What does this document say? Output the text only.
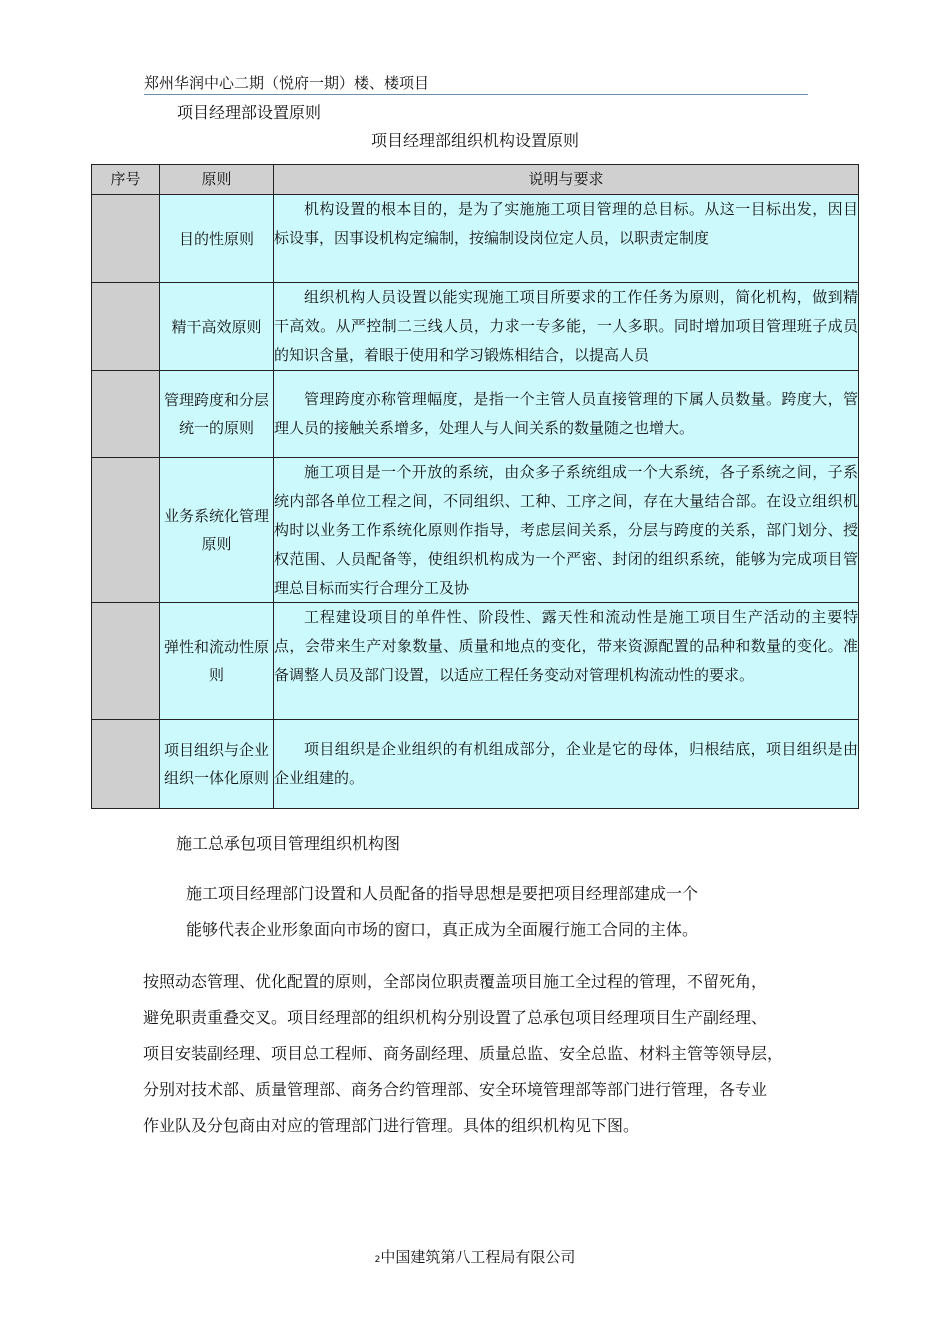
郑州华润中心二期（悦府一期）楼、楼项目
项目经理部设置原则
项目经理部组织机构设置原则
序号	原则	说明与要求
	目的性原则	机构设置的根本目的，是为了实施施工项目管理的总目标。从这一目标出发，因目标设事，因事设机构定编制，按编制设岗位定人员，以职责定制度

	精干高效原则	组织机构人员设置以能实现施工项目所要求的工作任务为原则，简化机构，做到精干高效。从严控制二三线人员，力求一专多能，一人多职。同时增加项目管理班子成员的知识含量，着眼于使用和学习锻炼相结合，以提高人员

	管理跨度和分层统一的原则	管理跨度亦称管理幅度，是指一个主管人员直接管理的下属人员数量。跨度大，管理人员的接触关系增多，处理人与人间关系的数量随之也增大。

	业务系统化管理原则	施工项目是一个开放的系统，由众多子系统组成一个大系统，各子系统之间，子系统内部各单位工程之间，不同组织、工种、工序之间，存在大量结合部。在设立组织机构时以业务工作系统化原则作指导，考虑层间关系，分层与跨度的关系，部门划分、授权范围、人员配备等，使组织机构成为一个严密、封闭的组织系统，能够为完成项目管理总目标而实行合理分工及协

	弹性和流动性原则	工程建设项目的单件性、阶段性、露天性和流动性是施工项目生产活动的主要特点，会带来生产对象数量、质量和地点的变化，带来资源配置的品种和数量的变化。准备调整人员及部门设置，以适应工程任务变动对管理机构流动性的要求。

	项目组织与企业组织一体化原则	项目组织是企业组织的有机组成部分，企业是它的母体，归根结底，项目组织是由企业组建的。
施工总承包项目管理组织机构图
施工项目经理部门设置和人员配备的指导思想是要把项目经理部建成一个
能够代表企业形象面向市场的窗口，真正成为全面履行施工合同的主体。
按照动态管理、优化配置的原则，全部岗位职责覆盖项目施工全过程的管理，不留死角，
避免职责重叠交叉。项目经理部的组织机构分别设置了总承包项目经理项目生产副经理、
项目安装副经理、项目总工程师、商务副经理、质量总监、安全总监、材料主管等领导层，
分别对技术部、质量管理部、商务合约管理部、安全环境管理部等部门进行管理，各专业
作业队及分包商由对应的管理部门进行管理。具体的组织机构见下图。
2中国建筑第八工程局有限公司
